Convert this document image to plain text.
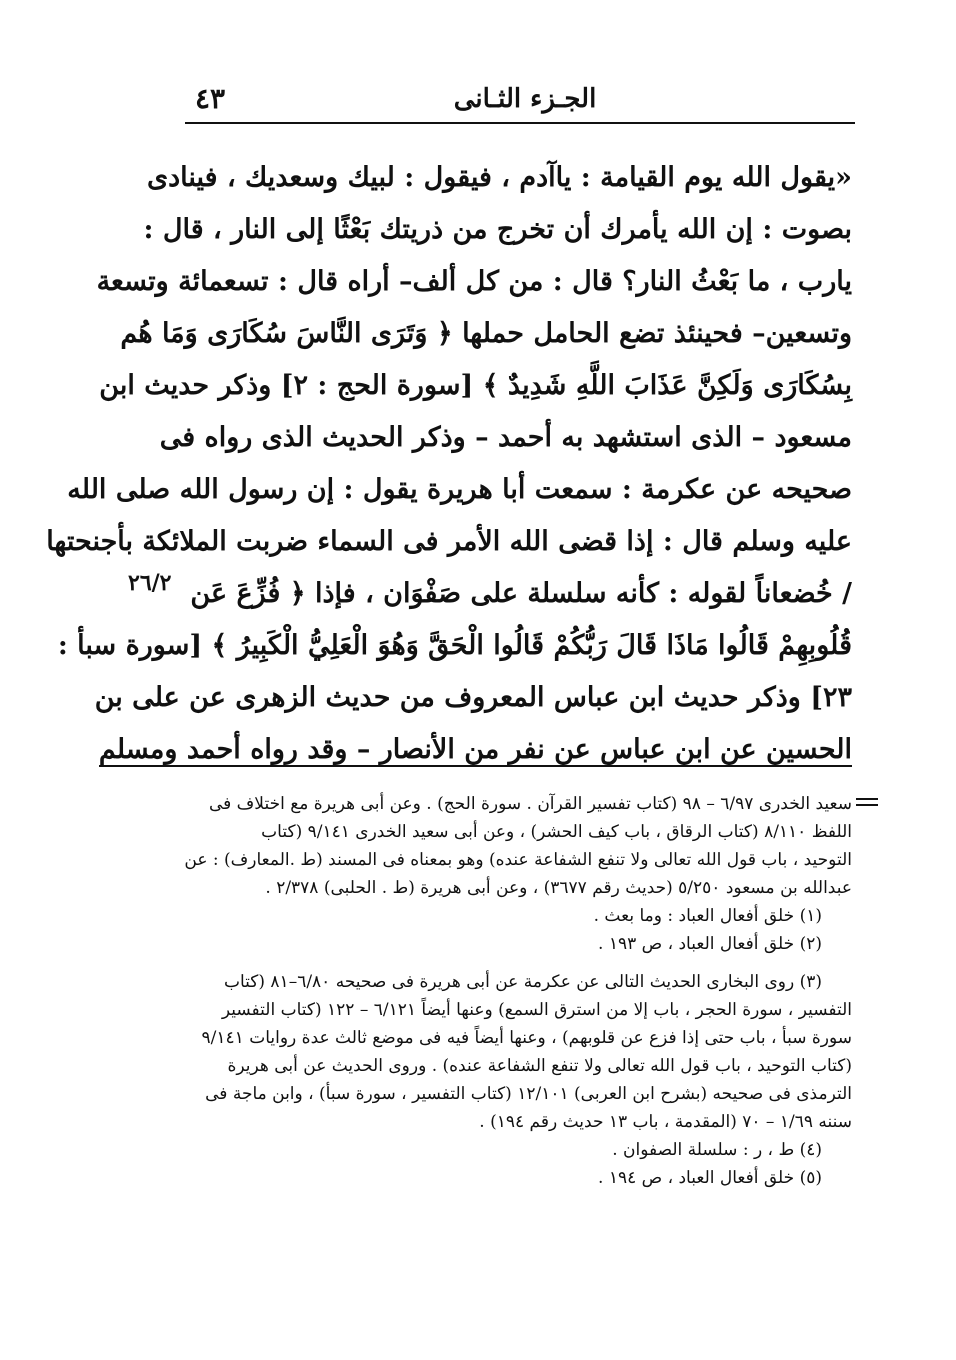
٤٣	الجـزء الثـانى
«يقول الله يوم القيامة : ياآدم ، فيقول : لبيك وسعديك ، فينادى
بصوت : إن الله يأمرك أن تخرج من ذريتك بَعْثًا إلى النار ، قال :
يارب ، ما بَعْثُ النار؟ قال : من كل ألف– أراه قال : تسعمائة وتسعة
وتسعين– فحينئذ تضع الحامل حملها ﴿ وَتَرَى النَّاسَ سُكَارَى وَمَا هُم
بِسُكَارَى وَلَكِنَّ عَذَابَ اللَّهِ شَدِيدٌ ﴾ [سورة الحج : ٢] وذكر حديث ابن
مسعود – الذى استشهد به أحمد – وذكر الحديث الذى رواه فى
صحيحه عن عكرمة : سمعت أبا هريرة يقول : إن رسول الله صلى الله
عليه وسلم قال : إذا قضى الله الأمر فى السماء ضربت الملائكة بأجنحتها
/ خُضعاناً لقوله : كأنه سلسلة على صَفْوَان ، فإذا ﴿ فُزِّعَ عَن
قُلُوبِهِمْ قَالُوا مَاذَا قَالَ رَبُّكُمْ قَالُوا الْحَقَّ وَهُوَ الْعَلِيُّ الْكَبِيرُ ﴾ [سورة سبأ :
٢٣] وذكر حديث ابن عباس المعروف من حديث الزهرى عن على بن
الحسين عن ابن عباس عن نفر من الأنصار – وقد رواه أحمد ومسلم
٢٦/٢
سعيد الخدرى ٦/٩٧ – ٩٨ (كتاب تفسير القرآن . سورة الحج) . وعن أبى هريرة مع اختلاف فى
اللفظ ٨/١١٠ (كتاب الرقاق ، باب كيف الحشر) ، وعن أبى سعيد الخدرى ٩/١٤١ (كتاب
التوحيد ، باب قول الله تعالى ولا تنفع الشفاعة عنده) وهو بمعناه فى المسند (ط .المعارف) : عن
عبدالله بن مسعود ٥/٢٥٠ (حديث رقم ٣٦٧٧) ، وعن أبى هريرة (ط . الحلبى) ٢/٣٧٨ .
(١) خلق أفعال العباد : وما بعث .
(٢) خلق أفعال العباد ، ص ١٩٣ .
(٣) روى البخارى الحديث التالى عن عكرمة عن أبى هريرة فى صحيحه ٦/٨٠–٨١ (كتاب
التفسير ، سورة الحجر ، باب إلا من استرق السمع) وعنها أيضاً ٦/١٢١ – ١٢٢ (كتاب التفسير
سورة سبأ ، باب حتى إذا فزع عن قلوبهم) ، وعنها أيضاً فيه فى موضع ثالث عدة روايات ٩/١٤١
(كتاب التوحيد ، باب قول الله تعالى ولا تنفع الشفاعة عنده) . وروى الحديث عن أبى هريرة
الترمذى فى صحيحه (بشرح ابن العربى) ١٢/١٠١ (كتاب التفسير ، سورة سبأ) ، وابن ماجة فى
سننه ١/٦٩ – ٧٠ (المقدمة ، باب ١٣ حديث رقم ١٩٤) .
(٤) ط ، ر : سلسلة الصفوان .
(٥) خلق أفعال العباد ، ص ١٩٤ .
